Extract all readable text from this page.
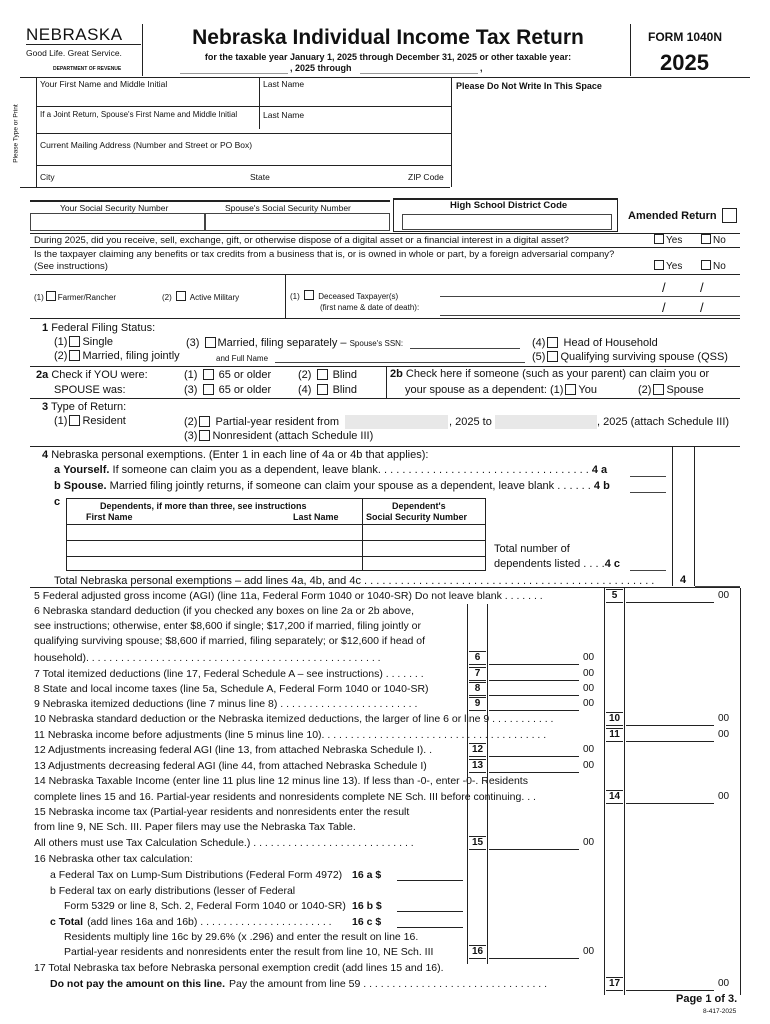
NEBRASKA
Good Life. Great Service.
DEPARTMENT OF REVENUE
Nebraska Individual Income Tax Return
for the taxable year January 1, 2025 through December 31, 2025 or other taxable year:
, 2025 through	,
FORM 1040N
2025
Please Type or Print
Your First Name and Middle Initial	Last Name	Please Do Not Write In This Space
If a Joint Return, Spouse's First Name and Middle Initial	Last Name
Current Mailing Address (Number and Street or PO Box)
City	State	ZIP Code
Your Social Security Number	Spouse's Social Security Number	High School District Code
Amended Return
During 2025, did you receive, sell, exchange, gift, or otherwise dispose of a digital asset or a financial interest in a digital asset?	Yes	No
Is the taxpayer claiming any benefits or tax credits from a business that is, or is owned in whole or part, by a foreign adversarial company?
(See instructions)	Yes	No
(1) Farmer/Rancher	(2) Active Military	(1) Deceased Taxpayer(s)
(first name & date of death):
/	/
/	/
1 Federal Filing Status:
(1) Single
(2) Married, filing jointly
(3) Married, filing separately – Spouse's SSN:
and Full Name
(4) Head of Household
(5) Qualifying surviving spouse (QSS)
2a Check if YOU were:
SPOUSE was:
(1) 65 or older (2) Blind
(3) 65 or older (4) Blind
2b Check here if someone (such as your parent) can claim you or
your spouse as a dependent: (1) You	(2) Spouse
3 Type of Return:
(1) Resident	(2) Partial-year resident from	, 2025 to	, 2025 (attach Schedule III)
(3) Nonresident (attach Schedule III)
4 Nebraska personal exemptions. (Enter 1 in each line of 4a or 4b that applies):
a Yourself. If someone can claim you as a dependent, leave blank. . . . . . . . . . . . . . . . . . . . . . . . . . . . . . . . . . . 4 a
b Spouse. Married filing jointly returns, if someone can claim your spouse as a dependent, leave blank . . . . . . 4 b
c	Dependents, if more than three, see instructions
First Name	Last Name
Dependent's
Social Security Number
Total number of
dependents listed . . . .4 c
Total Nebraska personal exemptions – add lines 4a, 4b, and 4c . . . . . . . . . . . . . . . . . . . . . . . . . . . . . . . . . . . . . . . . . . . . . . . .	4
5 Federal adjusted gross income (AGI) (line 11a, Federal Form 1040 or 1040-SR) Do not leave blank . . . . . . .	5	00
6 Nebraska standard deduction (if you checked any boxes on line 2a or 2b above,
see instructions; otherwise, enter $8,600 if single; $17,200 if married, filing jointly or
qualifying surviving spouse; $8,600 if married, filing separately; or $12,600 if head of
household). . . . . . . . . . . . . . . . . . . . . . . . . . . . . . . . . . . . . . . . . . . . . . . . . . .	6	00
7 Total itemized deductions (line 17, Federal Schedule A – see instructions) . . . . . . .	7	00
8 State and local income taxes (line 5a, Schedule A, Federal Form 1040 or 1040-SR)	8	00
9 Nebraska itemized deductions (line 7 minus line 8) . . . . . . . . . . . . . . . . . . . . . . . .	9	00
10 Nebraska standard deduction or the Nebraska itemized deductions, the larger of line 6 or line 9 . . . . . . . . . . .	10	00
11 Nebraska income before adjustments (line 5 minus line 10). . . . . . . . . . . . . . . . . . . . . . . . . . . . . . . . . . . . . . .	11	00
12 Adjustments increasing federal AGI (line 13, from attached Nebraska Schedule I). .	12	00
13 Adjustments decreasing federal AGI (line 44, from attached Nebraska Schedule I)	13	00
14 Nebraska Taxable Income (enter line 11 plus line 12 minus line 13). If less than -0-, enter -0-. Residents
complete lines 15 and 16. Partial-year residents and nonresidents complete NE Sch. III before continuing. . .	14	00
15 Nebraska income tax (Partial-year residents and nonresidents enter the result
from line 9, NE Sch. III. Paper filers may use the Nebraska Tax Table.
All others must use Tax Calculation Schedule.) . . . . . . . . . . . . . . . . . . . . . . . . . . . .	15	00
16 Nebraska other tax calculation:
Residents multiply line 16c by 29.6% (x .296) and enter the result on line 16.
Partial-year residents and nonresidents enter the result from line 10, NE Sch. III	16	00
17 Total Nebraska tax before Nebraska personal exemption credit (add lines 15 and 16).
a Federal Tax on Lump-Sum Distributions (Federal Form 4972) 16 a $
b Federal tax on early distributions (lesser of Federal
Form 5329 or line 8, Sch. 2, Federal Form 1040 or 1040-SR) 16 b $
c Total (add lines 16a and 16b) . . . . . . . . . . . . . . . . . . . . . . . 16 c $
Do not pay the amount on this line. Pay the amount from line 59 . . . . . . . . . . . . . . . . . . . . . . . . . . . . . . . .	17	00
Page 1 of 3.
8-417-2025
